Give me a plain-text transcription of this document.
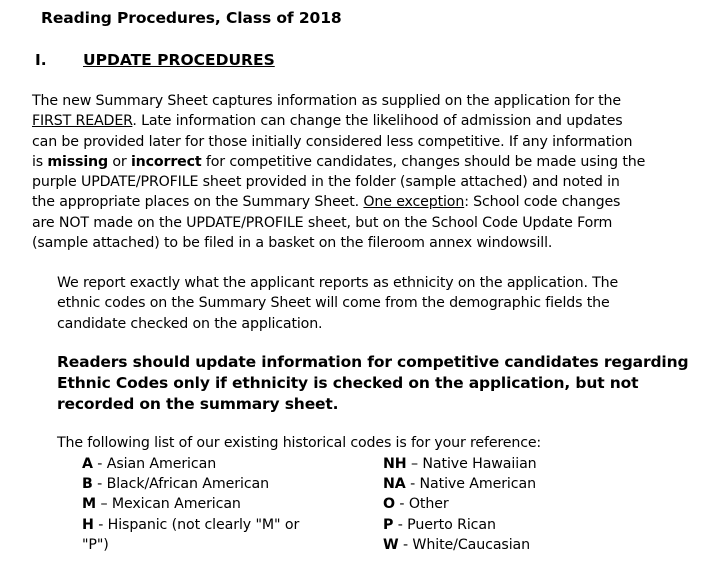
Reading Procedures, Class of 2018
I. UPDATE PROCEDURES
The new Summary Sheet captures information as supplied on the application for the
FIRST READER. Late information can change the likelihood of admission and updates
can be provided later for those initially considered less competitive. If any information
is missing or incorrect for competitive candidates, changes should be made using the
purple UPDATE/PROFILE sheet provided in the folder (sample attached) and noted in
the appropriate places on the Summary Sheet. One exception: School code changes
are NOT made on the UPDATE/PROFILE sheet, but on the School Code Update Form
(sample attached) to be filed in a basket on the fileroom annex windowsill.
We report exactly what the applicant reports as ethnicity on the application. The
ethnic codes on the Summary Sheet will come from the demographic fields the
candidate checked on the application.
Readers should update information for competitive candidates regarding
Ethnic Codes only if ethnicity is checked on the application, but not
recorded on the summary sheet.
The following list of our existing historical codes is for your reference:
A - Asian American
B - Black/African American
M – Mexican American
H - Hispanic (not clearly "M" or
"P")
NH – Native Hawaiian
NA - Native American
O - Other
P - Puerto Rican
W - White/Caucasian
